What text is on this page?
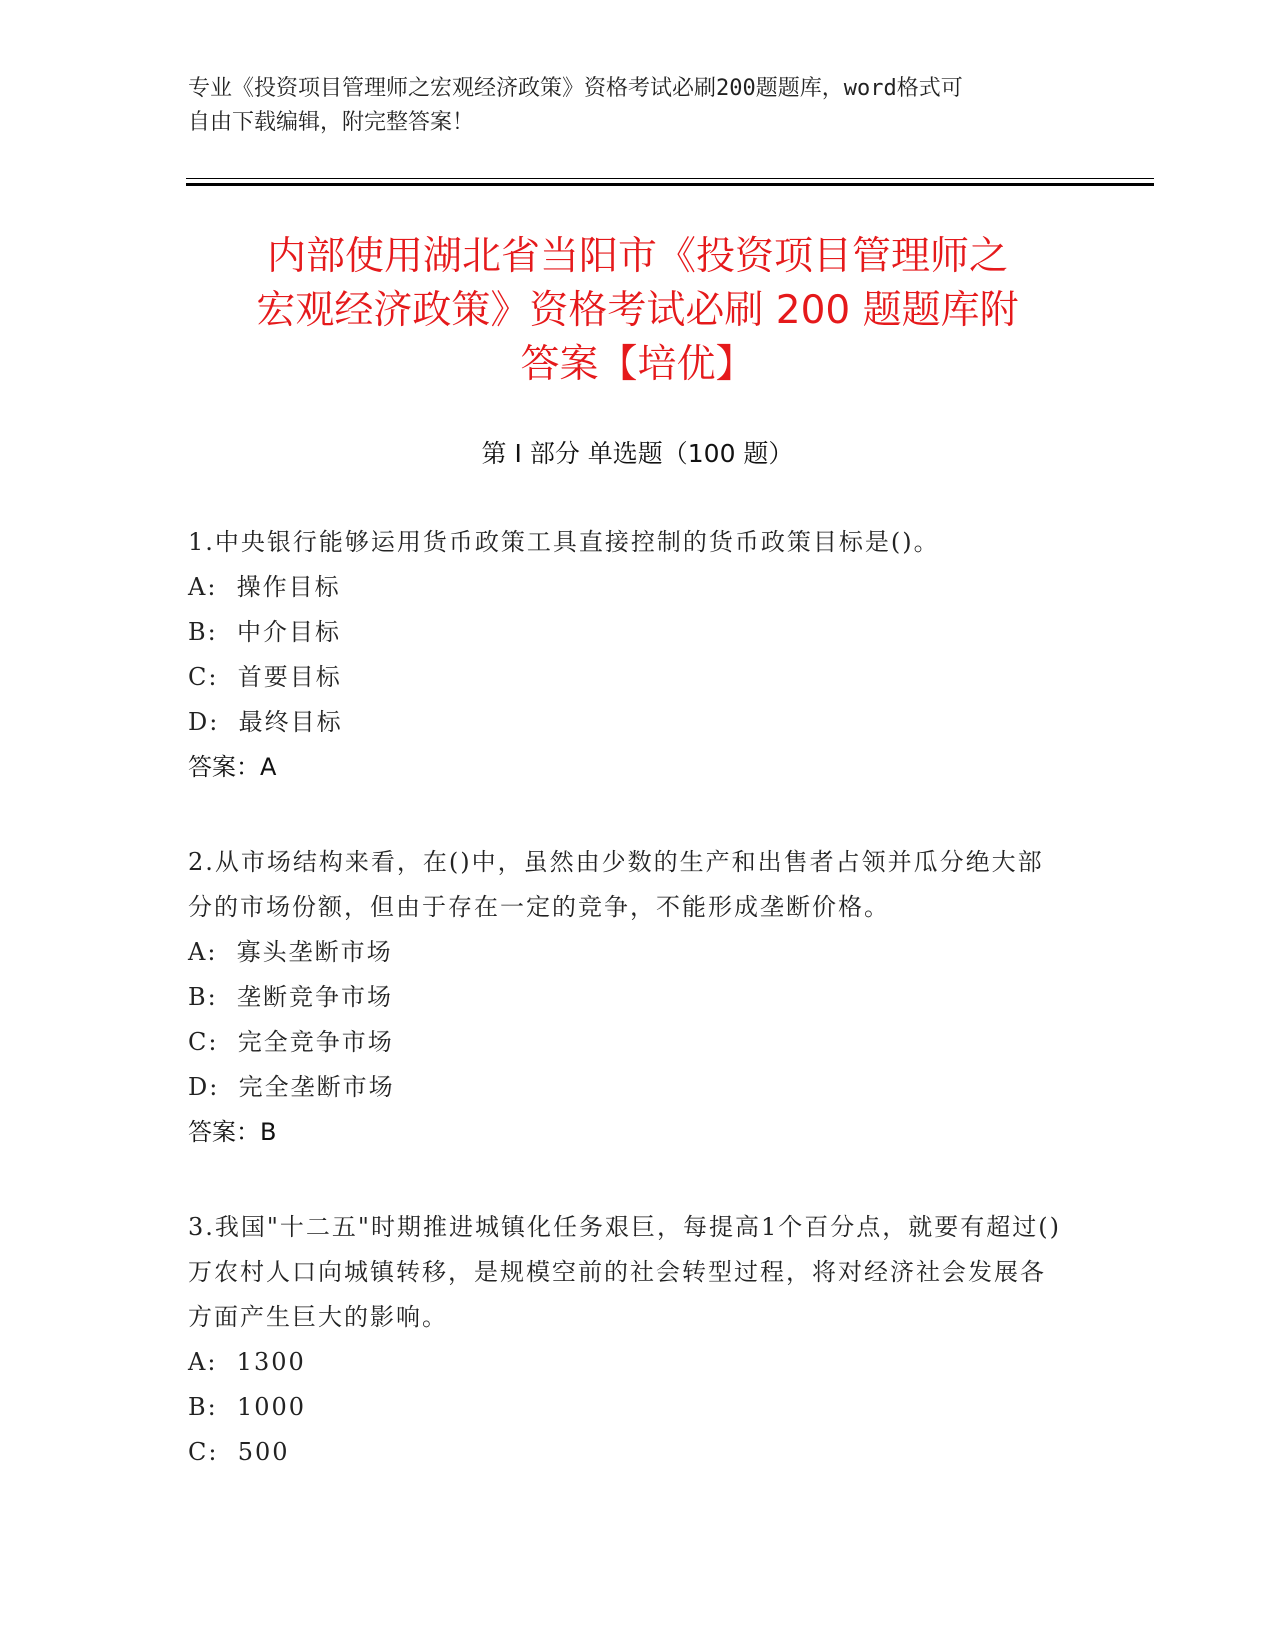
专业《投资项目管理师之宏观经济政策》资格考试必刷200题题库，word格式可
自由下载编辑，附完整答案！
内部使用湖北省当阳市《投资项目管理师之
宏观经济政策》资格考试必刷 200 题题库附
答案【培优】
第 I 部分 单选题（100 题）
1.中央银行能够运用货币政策工具直接控制的货币政策目标是()。
A:  操作目标
B:  中介目标
C:  首要目标
D:  最终目标
答案：A
2.从市场结构来看，在()中，虽然由少数的生产和出售者占领并瓜分绝大部分的市场份额，但由于存在一定的竞争，不能形成垄断价格。
A:  寡头垄断市场
B:  垄断竞争市场
C:  完全竞争市场
D:  完全垄断市场
答案：B
3.我国"十二五"时期推进城镇化任务艰巨，每提高1个百分点，就要有超过()万农村人口向城镇转移，是规模空前的社会转型过程，将对经济社会发展各方面产生巨大的影响。
A:  1300
B:  1000
C:  500
